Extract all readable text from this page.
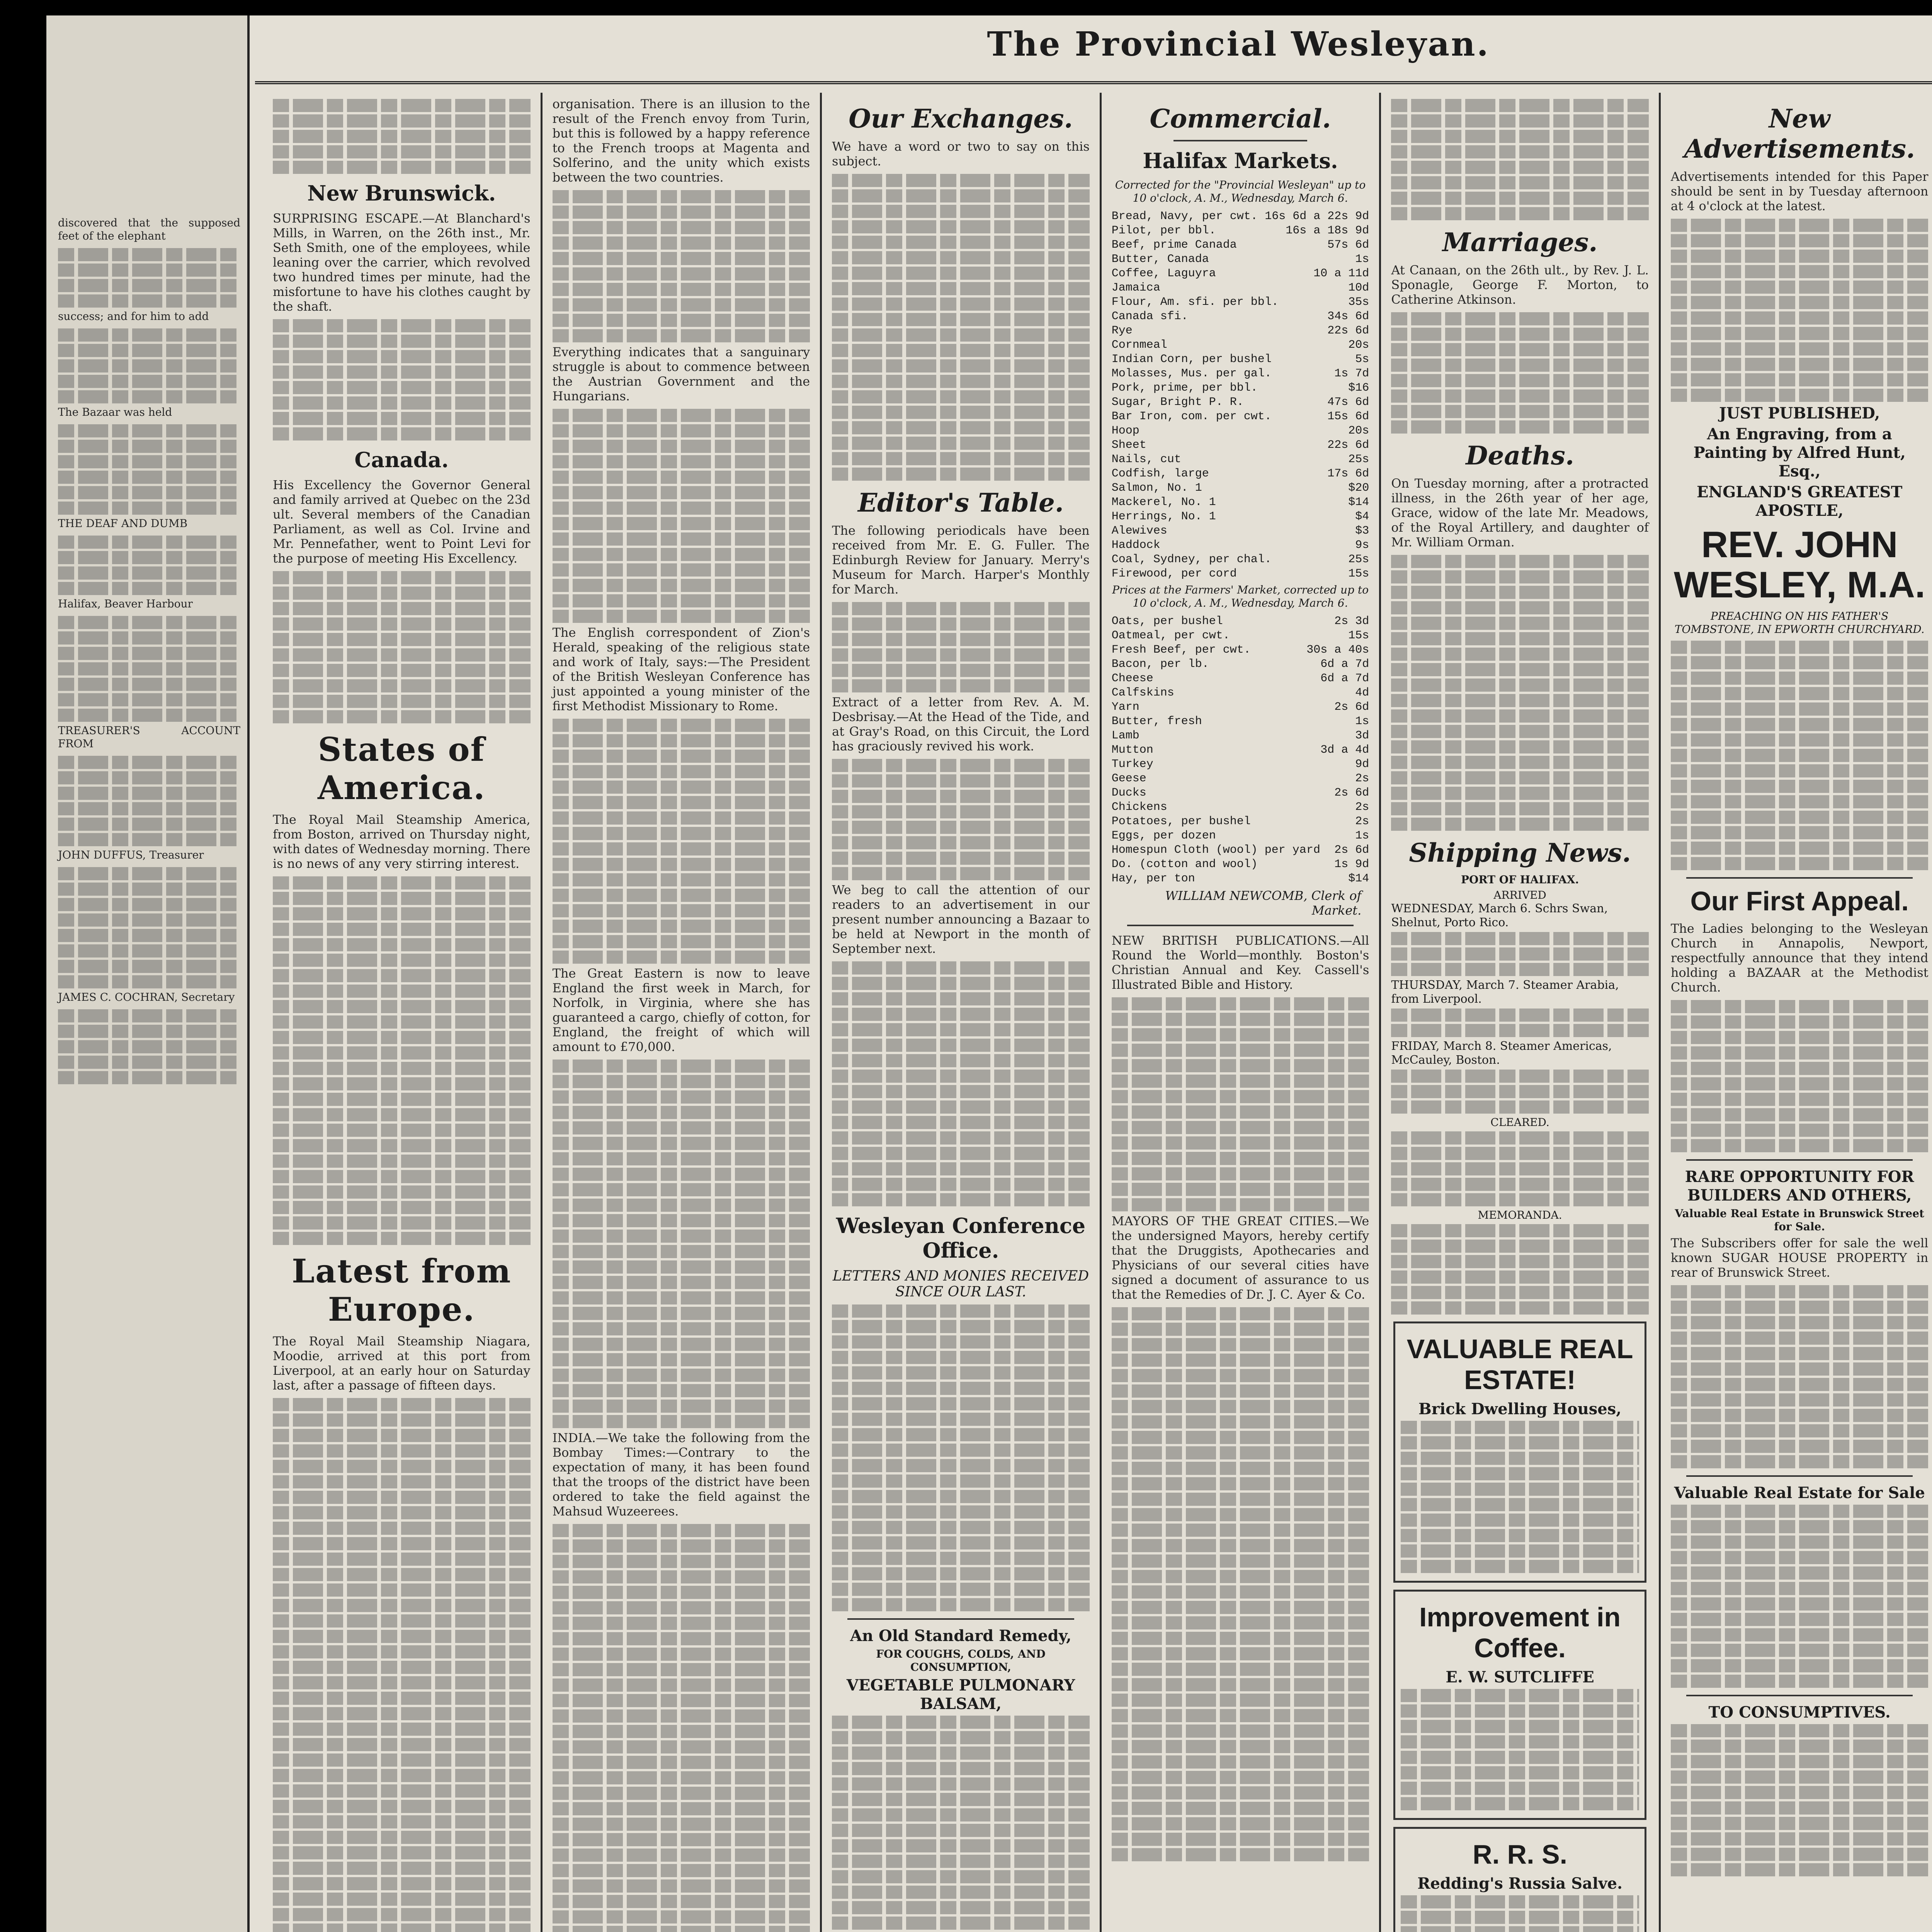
discovered that the supposed feet of the elephant
success; and for him to add
The Bazaar was held
THE DEAF AND DUMB
Halifax, Beaver Harbour
TREASURER'S ACCOUNT FROM
JOHN DUFFUS, Treasurer
JAMES C. COCHRAN, Secretary
The Provincial Wesleyan.
New Brunswick.
SURPRISING ESCAPE.—At Blanchard's Mills, in Warren, on the 26th inst., Mr. Seth Smith, one of the employees, while leaning over the carrier, which revolved two hundred times per minute, had the misfortune to have his clothes caught by the shaft.
Canada.
His Excellency the Governor General and family arrived at Quebec on the 23d ult. Several members of the Canadian Parliament, as well as Col. Irvine and Mr. Pennefather, went to Point Levi for the purpose of meeting His Excellency.
States of America.
The Royal Mail Steamship America, from Boston, arrived on Thursday night, with dates of Wednesday morning. There is no news of any very stirring interest.
Latest from Europe.
The Royal Mail Steamship Niagara, Moodie, arrived at this port from Liverpool, at an early hour on Saturday last, after a passage of fifteen days.
organisation. There is an illusion to the result of the French envoy from Turin, but this is followed by a happy reference to the French troops at Magenta and Solferino, and the unity which exists between the two countries.
Everything indicates that a sanguinary struggle is about to commence between the Austrian Government and the Hungarians.
The English correspondent of Zion's Herald, speaking of the religious state and work of Italy, says:—The President of the British Wesleyan Conference has just appointed a young minister of the first Methodist Missionary to Rome.
The Great Eastern is now to leave England the first week in March, for Norfolk, in Virginia, where she has guaranteed a cargo, chiefly of cotton, for England, the freight of which will amount to £70,000.
INDIA.—We take the following from the Bombay Times:—Contrary to the expectation of many, it has been found that the troops of the district have been ordered to take the field against the Mahsud Wuzeerees.
Our Exchanges.
We have a word or two to say on this subject.
Editor's Table.
The following periodicals have been received from Mr. E. G. Fuller. The Edinburgh Review for January. Merry's Museum for March. Harper's Monthly for March.
Extract of a letter from Rev. A. M. Desbrisay.—At the Head of the Tide, and at Gray's Road, on this Circuit, the Lord has graciously revived his work.
We beg to call the attention of our readers to an advertisement in our present number announcing a Bazaar to be held at Newport in the month of September next.
Wesleyan Conference Office.
LETTERS AND MONIES RECEIVED SINCE OUR LAST.
An Old Standard Remedy,
FOR COUGHS, COLDS, AND CONSUMPTION,
VEGETABLE PULMONARY BALSAM,
Commercial.
Halifax Markets.
Corrected for the "Provincial Wesleyan" up to 10 o'clock, A. M., Wednesday, March 6.
Bread, Navy, per cwt. 16s 6d a 22s 9d
Pilot, per bbl.	16s a 18s 9d
Beef, prime Canada	57s 6d
Butter, Canada	1s
Coffee, Laguyra	10 a 11d
Jamaica	10d
Flour, Am. sfi. per bbl.	35s
Canada sfi.	34s 6d
Rye	22s 6d
Cornmeal	20s
Indian Corn, per bushel	5s
Molasses, Mus. per gal.	1s 7d
Pork, prime, per bbl.	$16
Sugar, Bright P. R.	47s 6d
Bar Iron, com. per cwt.	15s 6d
Hoop	20s
Sheet	22s 6d
Nails, cut	25s
Codfish, large	17s 6d
Salmon, No. 1	$20
Mackerel, No. 1	$14
Herrings, No. 1	$4
Alewives	$3
Haddock	9s
Coal, Sydney, per chal.	25s
Firewood, per cord	15s
Prices at the Farmers' Market, corrected up to 10 o'clock, A. M., Wednesday, March 6.
Oats, per bushel	2s 3d
Oatmeal, per cwt.	15s
Fresh Beef, per cwt.	30s a 40s
Bacon, per lb.	6d a 7d
Cheese	6d a 7d
Calfskins	4d
Yarn	2s 6d
Butter, fresh	1s
Lamb	3d
Mutton	3d a 4d
Turkey	9d
Geese	2s
Ducks	2s 6d
Chickens	2s
Potatoes, per bushel	2s
Eggs, per dozen	1s
Homespun Cloth (wool) per yard	2s 6d
Do. (cotton and wool)	1s 9d
Hay, per ton	$14
WILLIAM NEWCOMB, Clerk of Market.
NEW BRITISH PUBLICATIONS.—All Round the World—monthly. Boston's Christian Annual and Key. Cassell's Illustrated Bible and History.
MAYORS OF THE GREAT CITIES.—We the undersigned Mayors, hereby certify that the Druggists, Apothecaries and Physicians of our several cities have signed a document of assurance to us that the Remedies of Dr. J. C. Ayer & Co.
Marriages.
At Canaan, on the 26th ult., by Rev. J. L. Sponagle, George F. Morton, to Catherine Atkinson.
Deaths.
On Tuesday morning, after a protracted illness, in the 26th year of her age, Grace, widow of the late Mr. Meadows, of the Royal Artillery, and daughter of Mr. William Orman.
Shipping News.
PORT OF HALIFAX.
ARRIVED
WEDNESDAY, March 6. Schrs Swan, Shelnut, Porto Rico.
THURSDAY, March 7. Steamer Arabia, from Liverpool.
FRIDAY, March 8. Steamer Americas, McCauley, Boston.
CLEARED.
MEMORANDA.
VALUABLE REAL ESTATE!
Brick Dwelling Houses,
Improvement in Coffee.
E. W. SUTCLIFFE
R. R. S.
Redding's Russia Salve.
New Advertisements.
Advertisements intended for this Paper should be sent in by Tuesday afternoon at 4 o'clock at the latest.
JUST PUBLISHED,
An Engraving, from a Painting by Alfred Hunt, Esq.,
ENGLAND'S GREATEST APOSTLE,
REV. JOHN WESLEY, M.A.
PREACHING ON HIS FATHER'S TOMBSTONE, IN EPWORTH CHURCHYARD.
Our First Appeal.
The Ladies belonging to the Wesleyan Church in Annapolis, Newport, respectfully announce that they intend holding a BAZAAR at the Methodist Church.
RARE OPPORTUNITY FOR BUILDERS AND OTHERS,
Valuable Real Estate in Brunswick Street for Sale.
The Subscribers offer for sale the well known SUGAR HOUSE PROPERTY in rear of Brunswick Street.
Valuable Real Estate for Sale
TO CONSUMPTIVES.
